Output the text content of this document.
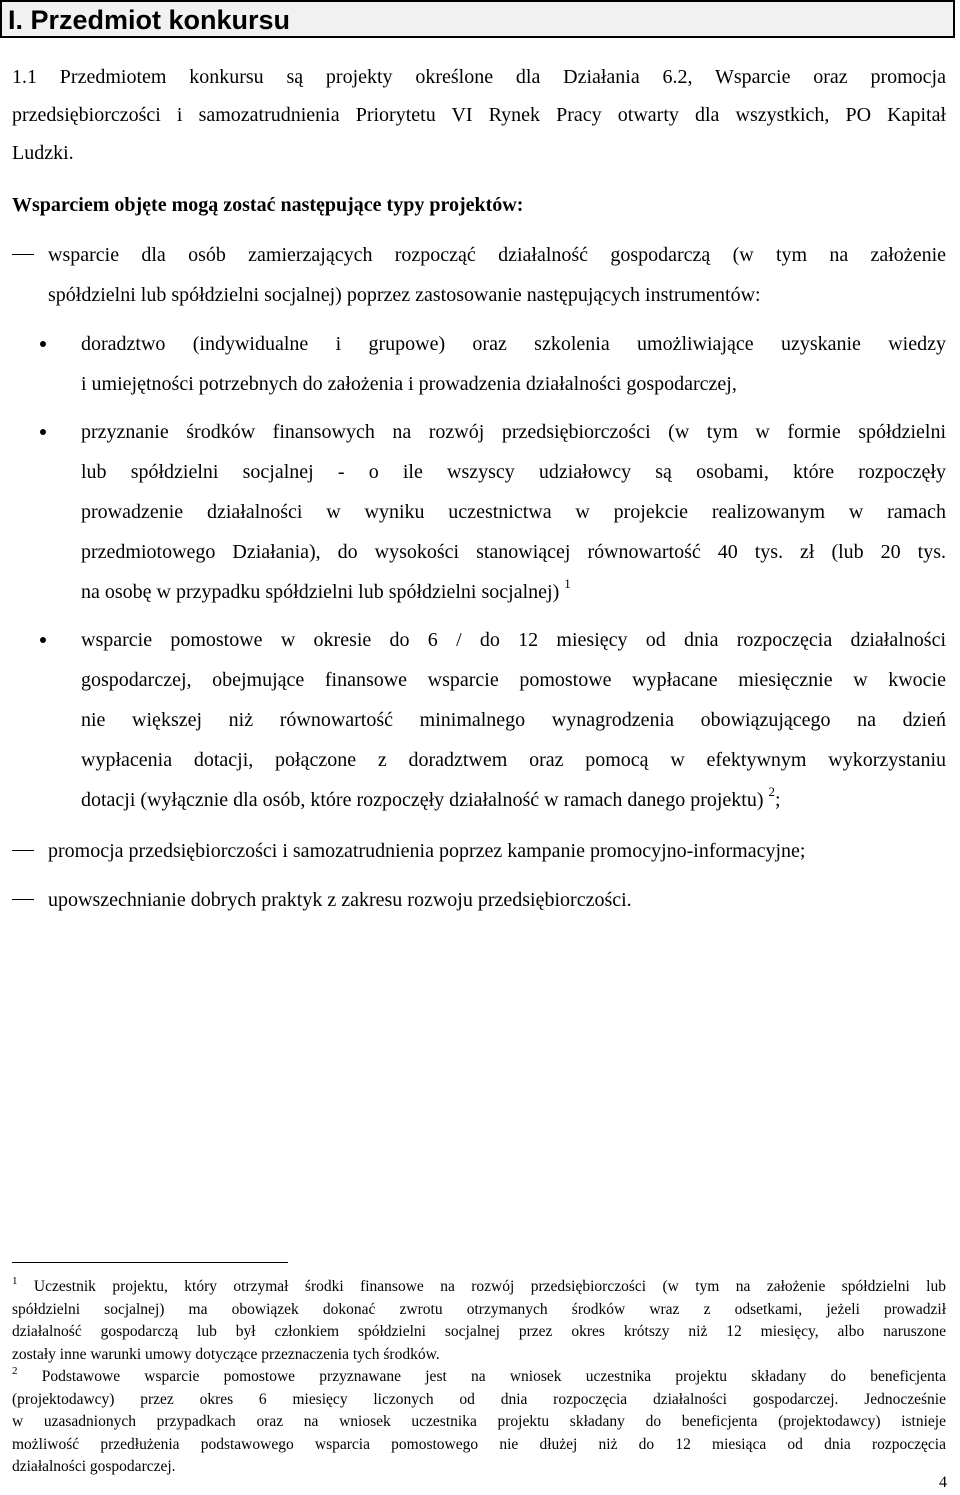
I. Przedmiot konkursu
1.1 Przedmiotem konkursu są projekty określone dla Działania 6.2, Wsparcie oraz promocja
przedsiębiorczości i samozatrudnienia Priorytetu VI Rynek Pracy otwarty dla wszystkich, PO Kapitał
Ludzki.
Wsparciem objęte mogą zostać następujące typy projektów:
wsparcie dla osób zamierzających rozpocząć działalność gospodarczą (w tym na założenie
spółdzielni lub spółdzielni socjalnej) poprzez zastosowanie następujących instrumentów:
doradztwo (indywidualne i grupowe) oraz szkolenia umożliwiające uzyskanie wiedzy
i umiejętności potrzebnych do założenia i prowadzenia działalności gospodarczej,
przyznanie środków finansowych na rozwój przedsiębiorczości (w tym w formie spółdzielni
lub spółdzielni socjalnej - o ile wszyscy udziałowcy są osobami, które rozpoczęły
prowadzenie działalności w wyniku uczestnictwa w projekcie realizowanym w ramach
przedmiotowego Działania), do wysokości stanowiącej równowartość 40 tys. zł (lub 20 tys.
na osobę w przypadku spółdzielni lub spółdzielni socjalnej) $^1$
wsparcie pomostowe w okresie do 6 / do 12 miesięcy od dnia rozpoczęcia działalności
gospodarczej, obejmujące finansowe wsparcie pomostowe wypłacane miesięcznie w kwocie
nie większej niż równowartość minimalnego wynagrodzenia obowiązującego na dzień
wypłacenia dotacji, połączone z doradztwem oraz pomocą w efektywnym wykorzystaniu
dotacji (wyłącznie dla osób, które rozpoczęły działalność w ramach danego projektu) $^2$;
promocja przedsiębiorczości i samozatrudnienia poprzez kampanie promocyjno-informacyjne;
upowszechnianie dobrych praktyk z zakresu rozwoju przedsiębiorczości.
$^1$ Uczestnik projektu, który otrzymał środki finansowe na rozwój przedsiębiorczości (w tym na założenie spółdzielni lub
spółdzielni socjalnej) ma obowiązek dokonać zwrotu otrzymanych środków wraz z odsetkami, jeżeli prowadził
działalność gospodarczą lub był członkiem spółdzielni socjalnej przez okres krótszy niż 12 miesięcy, albo naruszone
zostały inne warunki umowy dotyczące przeznaczenia tych środków.
$^2$ Podstawowe wsparcie pomostowe przyznawane jest na wniosek uczestnika projektu składany do beneficjenta
(projektodawcy) przez okres 6 miesięcy liczonych od dnia rozpoczęcia działalności gospodarczej. Jednocześnie
w uzasadnionych przypadkach oraz na wniosek uczestnika projektu składany do beneficjenta (projektodawcy) istnieje
możliwość przedłużenia podstawowego wsparcia pomostowego nie dłużej niż do 12 miesiąca od dnia rozpoczęcia
działalności gospodarczej.
4
